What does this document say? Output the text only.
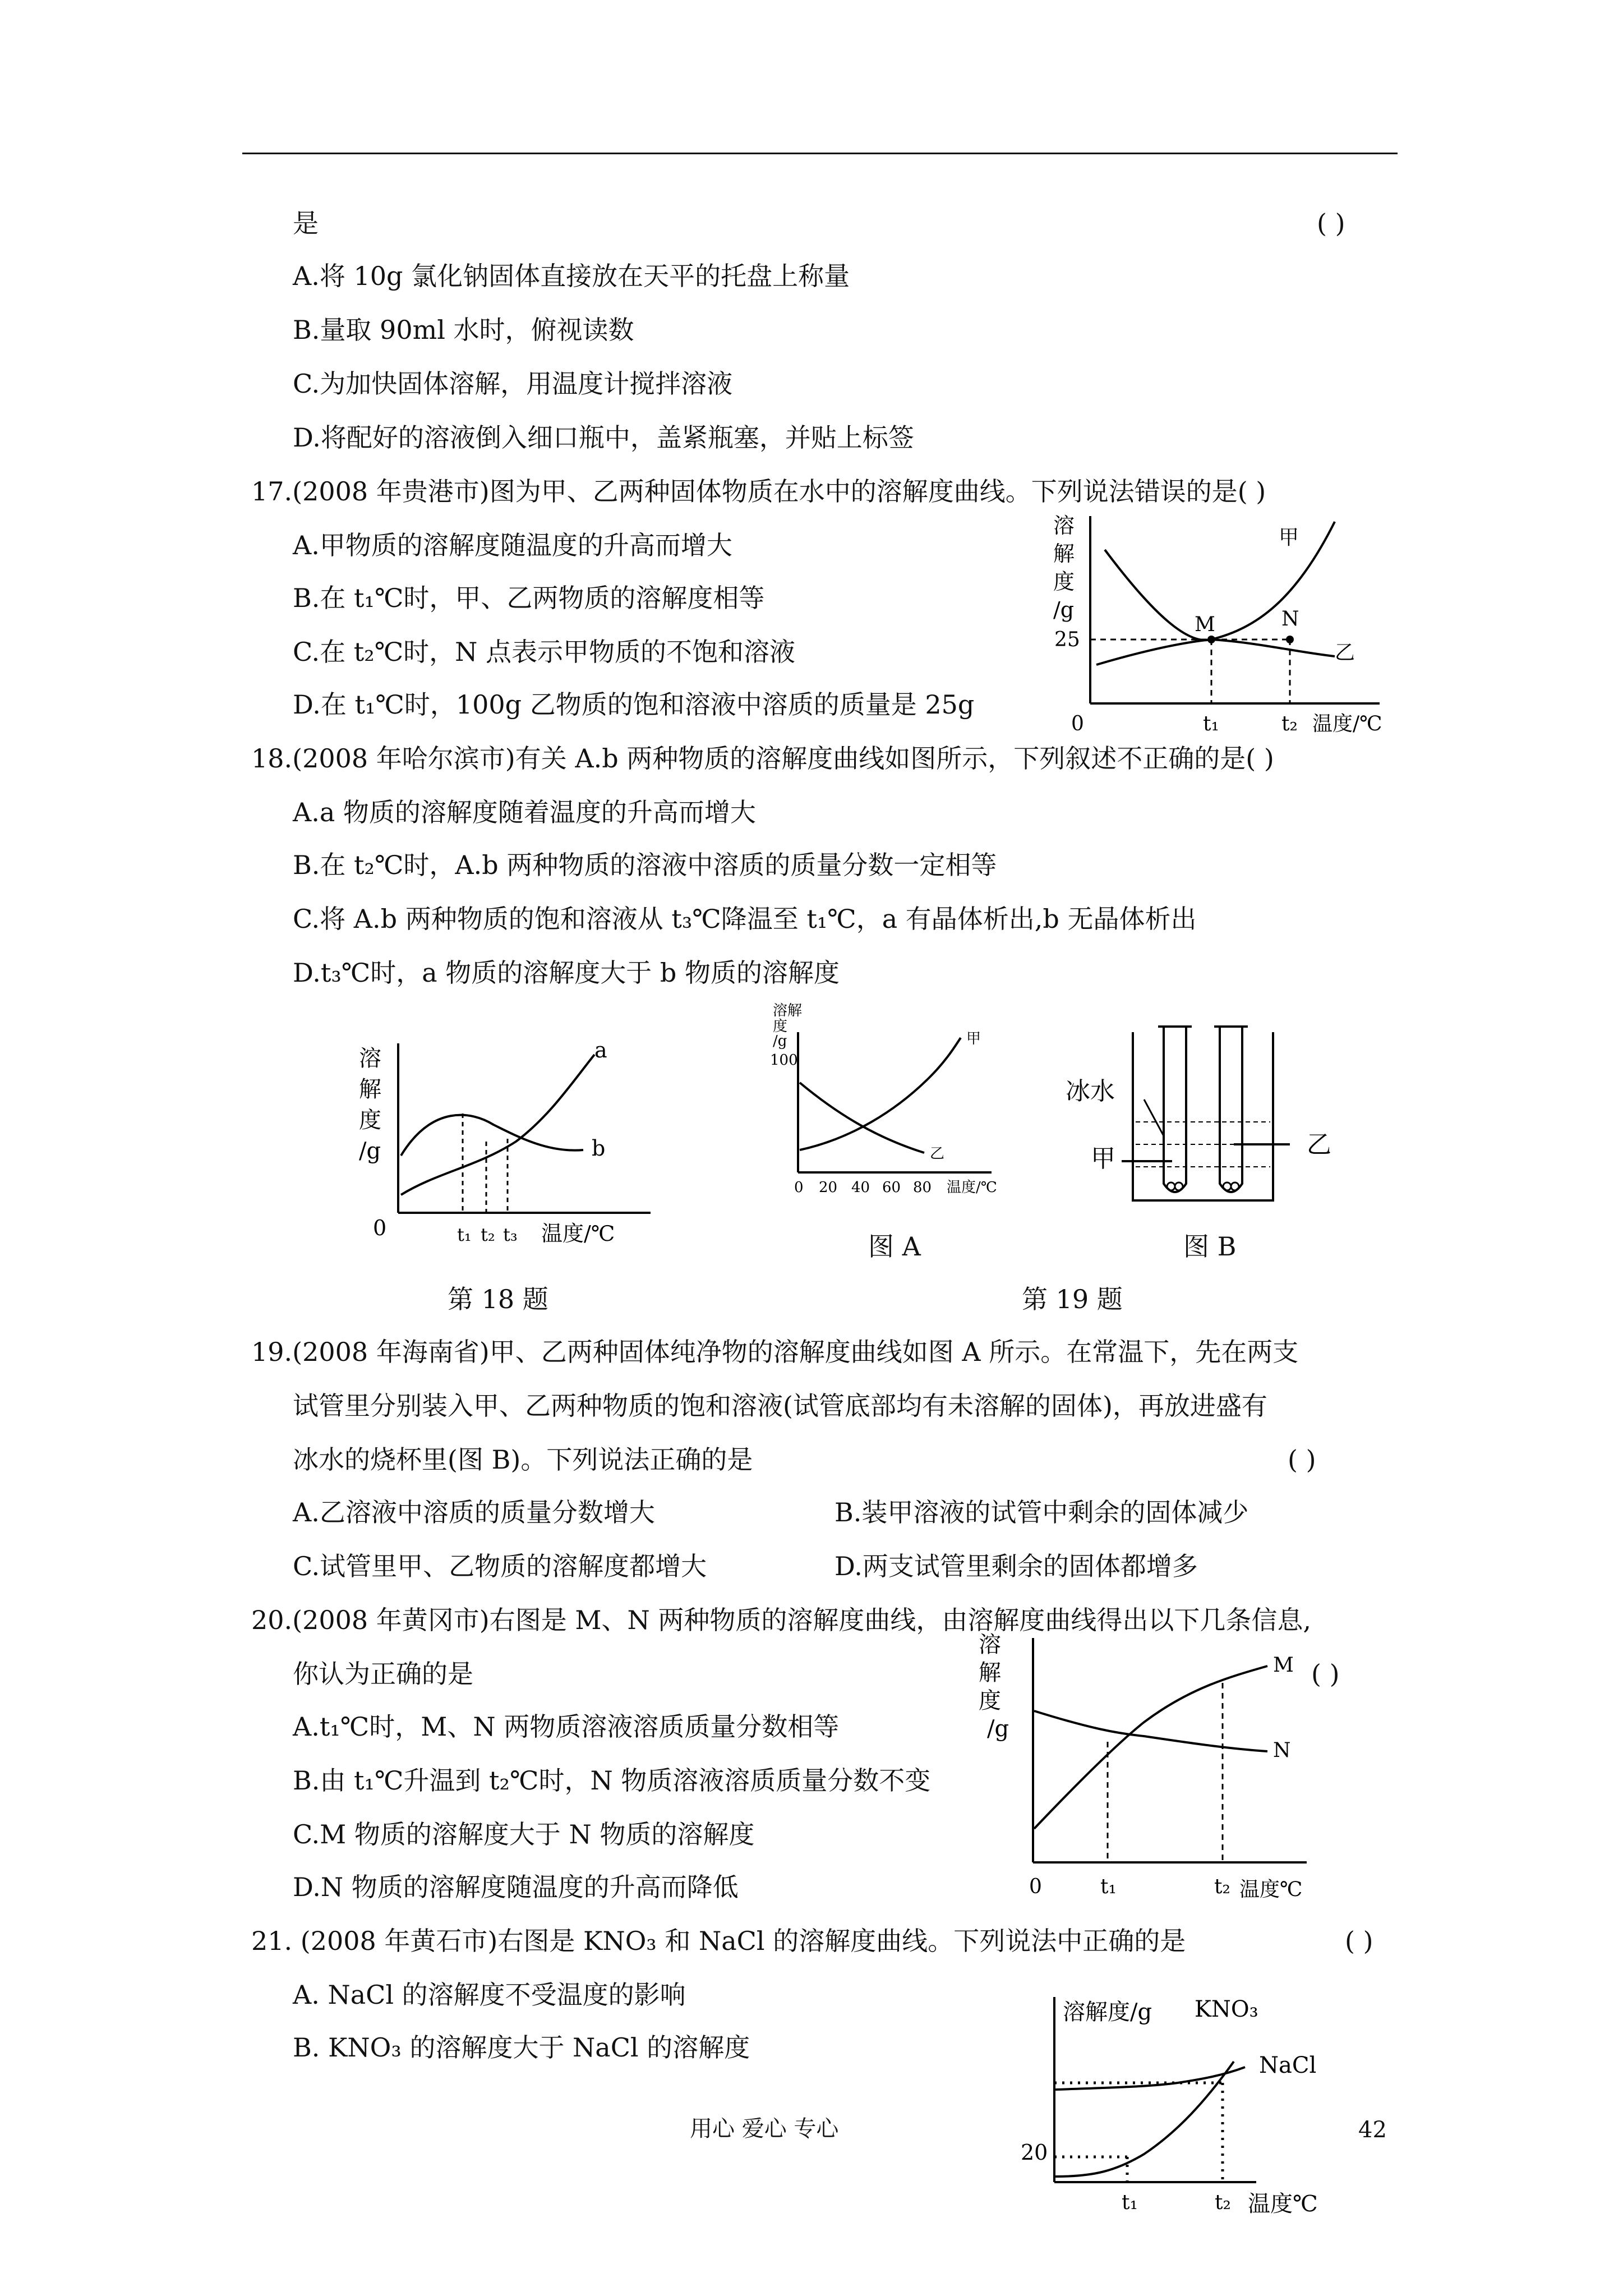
是	( )
A.将 10g 氯化钠固体直接放在天平的托盘上称量
B.量取 90ml 水时，俯视读数
C.为加快固体溶解，用温度计搅拌溶液
D.将配好的溶液倒入细口瓶中，盖紧瓶塞，并贴上标签
17.(2008 年贵港市)图为甲、乙两种固体物质在水中的溶解度曲线。下列说法错误的是( )
A.甲物质的溶解度随温度的升高而增大
B.在 t₁℃时，甲、乙两物质的溶解度相等
C.在 t₂℃时，N 点表示甲物质的不饱和溶液
D.在 t₁℃时，100g 乙物质的饱和溶液中溶质的质量是 25g
溶
解
度
/g
甲
乙
M	N
25
0	t₁	t₂ 温度/℃
18.(2008 年哈尔滨市)有关 A.b 两种物质的溶解度曲线如图所示，下列叙述不正确的是( )
A.a 物质的溶解度随着温度的升高而增大
B.在 t₂℃时，A.b 两种物质的溶液中溶质的质量分数一定相等
C.将 A.b 两种物质的饱和溶液从 t₃℃降温至 t₁℃，a 有晶体析出,b 无晶体析出
D.t₃℃时，a 物质的溶解度大于 b 物质的溶解度
溶
解
度
/g
a
b
0	t₁ t₂ t₃ 温度/℃
溶解
度
/g
100
甲
乙
0 20 40 60 80 温度/℃
冰水
甲	乙
图 A	图 B
第 18 题	第 19 题
19.(2008 年海南省)甲、乙两种固体纯净物的溶解度曲线如图 A 所示。在常温下，先在两支
试管里分别装入甲、乙两种物质的饱和溶液(试管底部均有未溶解的固体)，再放进盛有
冰水的烧杯里(图 B)。下列说法正确的是	( )
A.乙溶液中溶质的质量分数增大	B.装甲溶液的试管中剩余的固体减少
C.试管里甲、乙物质的溶解度都增大	D.两支试管里剩余的固体都增多
20.(2008 年黄冈市)右图是 M、N 两种物质的溶解度曲线，由溶解度曲线得出以下几条信息,
你认为正确的是	( )
A.t₁℃时，M、N 两物质溶液溶质质量分数相等
B.由 t₁℃升温到 t₂℃时，N 物质溶液溶质质量分数不变
C.M 物质的溶解度大于 N 物质的溶解度
D.N 物质的溶解度随温度的升高而降低
溶
解
度
/g
M
N
0	t₁	t₂ 温度℃
21. (2008 年黄石市)右图是 KNO₃ 和 NaCl 的溶解度曲线。下列说法中正确的是	( )
A. NaCl 的溶解度不受温度的影响
B. KNO₃ 的溶解度大于 NaCl 的溶解度
溶解度/g KNO₃
NaCl
20
t₁	t₂ 温度℃
用心 爱心 专心	42
